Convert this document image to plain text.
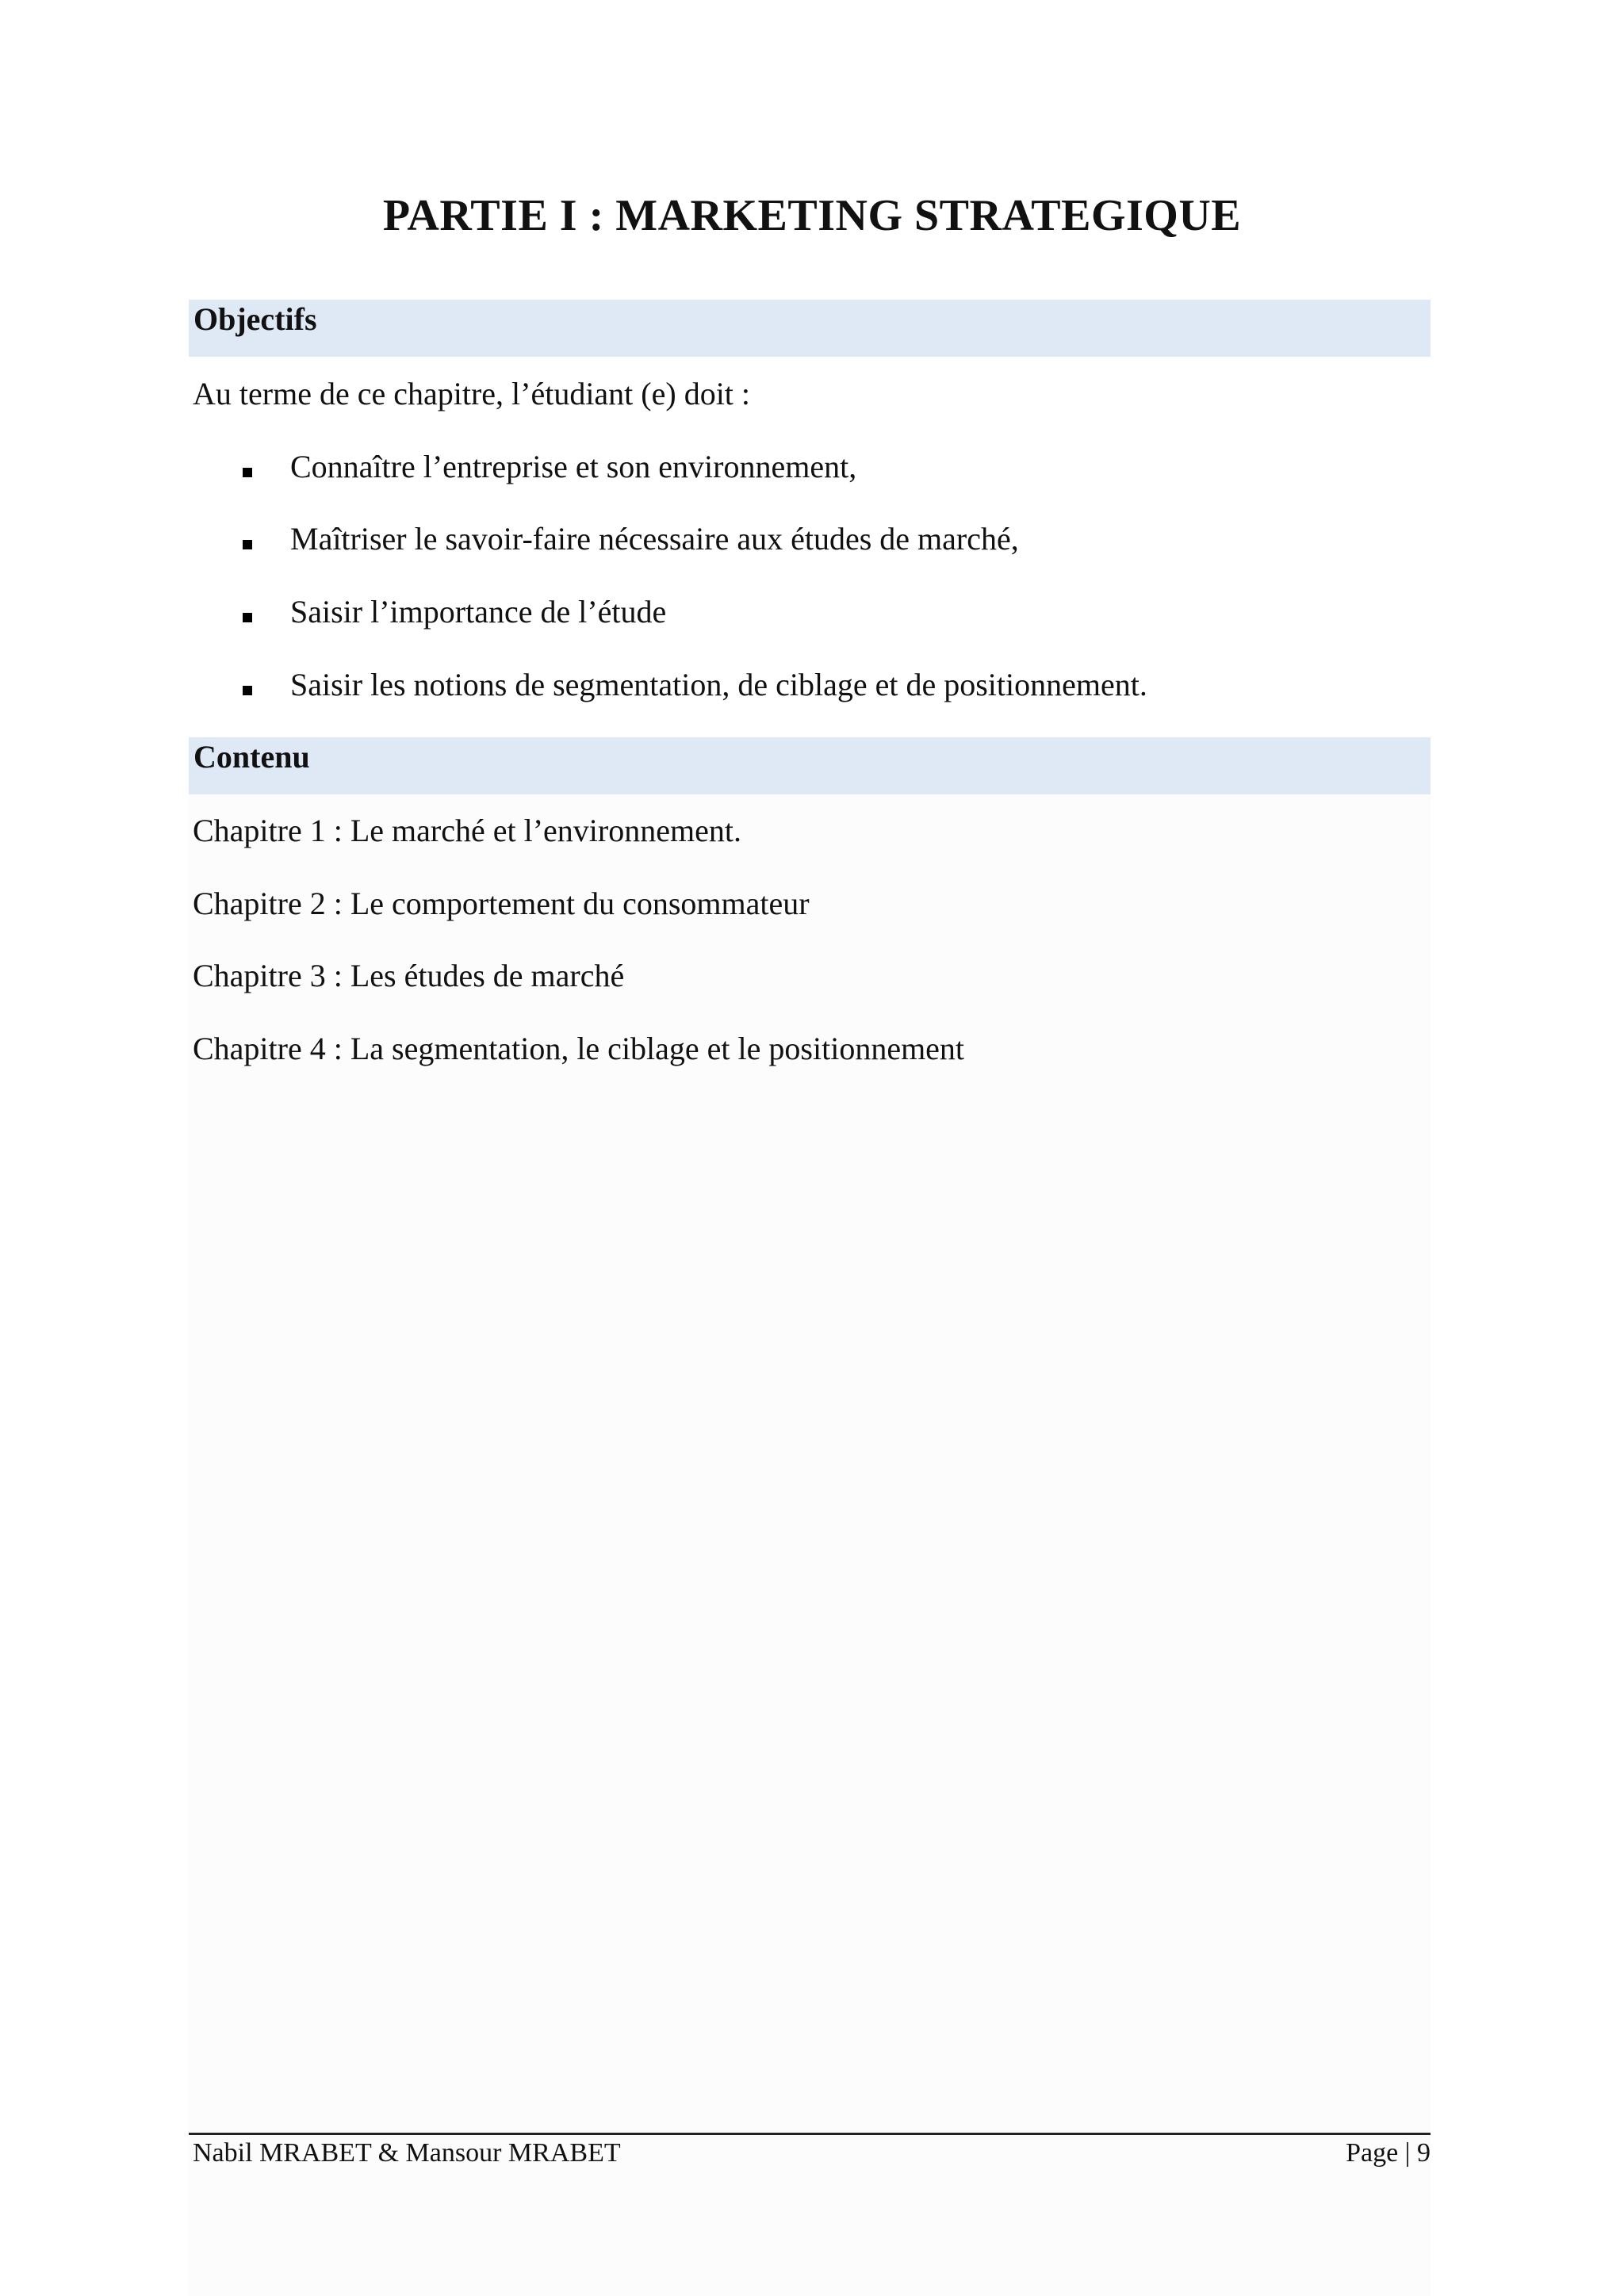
PARTIE I : MARKETING STRATEGIQUE
Objectifs
Au terme de ce chapitre, l’étudiant (e) doit :
Connaître l’entreprise et son environnement,
Maîtriser le savoir-faire nécessaire aux études de marché,
Saisir l’importance de l’étude
Saisir les notions de segmentation, de ciblage et de positionnement.
Contenu
Chapitre 1 : Le marché et l’environnement.
Chapitre 2 : Le comportement du consommateur
Chapitre 3 : Les études de marché
Chapitre 4 : La segmentation, le ciblage et le positionnement
Nabil MRABET & Mansour MRABET	Page | 9
